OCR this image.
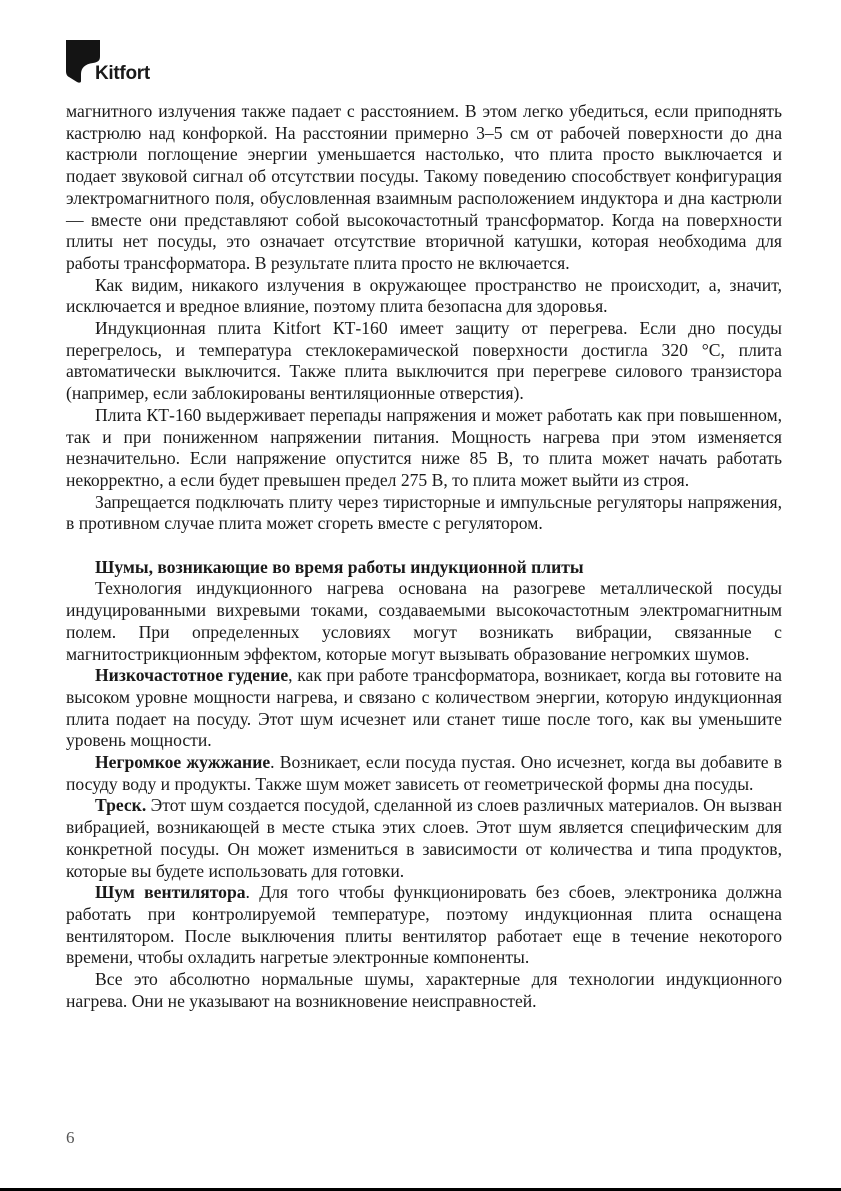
Kitfort

магнитного излучения также падает с расстоянием. В этом легко убедиться, если приподнять кастрюлю над конфоркой. На расстоянии примерно 3–5 см от рабочей поверхности до дна кастрюли поглощение энергии уменьшается настолько, что плита просто выключается и подает звуковой сигнал об отсутствии посуды. Такому поведению способствует конфигурация электромагнитного поля, обусловленная взаимным расположением индуктора и дна кастрюли — вместе они представляют собой высокочастотный трансформатор. Когда на поверхности плиты нет посуды, это означает отсутствие вторичной катушки, которая необходима для работы трансформатора. В результате плита просто не включается.

Как видим, никакого излучения в окружающее пространство не происходит, а, значит, исключается и вредное влияние, поэтому плита безопасна для здоровья.

Индукционная плита Kitfort КТ-160 имеет защиту от перегрева. Если дно посуды перегрелось, и температура стеклокерамической поверхности достигла 320 °С, плита автоматически выключится. Также плита выключится при перегреве силового транзистора (например, если заблокированы вентиляционные отверстия).

Плита КТ-160 выдерживает перепады напряжения и может работать как при повышенном, так и при пониженном напряжении питания. Мощность нагрева при этом изменяется незначительно. Если напряжение опустится ниже 85 В, то плита может начать работать некорректно, а если будет превышен предел 275 В, то плита может выйти из строя.

Запрещается подключать плиту через тиристорные и импульсные регуляторы напряжения, в противном случае плита может сгореть вместе с регулятором.

Шумы, возникающие во время работы индукционной плиты

Технология индукционного нагрева основана на разогреве металлической посуды индуцированными вихревыми токами, создаваемыми высокочастотным электромагнитным полем. При определенных условиях могут возникать вибрации, связанные с магнитострикционным эффектом, которые могут вызывать образование негромких шумов.

Низкочастотное гудение, как при работе трансформатора, возникает, когда вы готовите на высоком уровне мощности нагрева, и связано с количеством энергии, которую индукционная плита подает на посуду. Этот шум исчезнет или станет тише после того, как вы уменьшите уровень мощности.

Негромкое жужжание. Возникает, если посуда пустая. Оно исчезнет, когда вы добавите в посуду воду и продукты. Также шум может зависеть от геометрической формы дна посуды.

Треск. Этот шум создается посудой, сделанной из слоев различных материалов. Он вызван вибрацией, возникающей в месте стыка этих слоев. Этот шум является специфическим для конкретной посуды. Он может измениться в зависимости от количества и типа продуктов, которые вы будете использовать для готовки.

Шум вентилятора. Для того чтобы функционировать без сбоев, электроника должна работать при контролируемой температуре, поэтому индукционная плита оснащена вентилятором. После выключения плиты вентилятор работает еще в течение некоторого времени, чтобы охладить нагретые электронные компоненты.

Все это абсолютно нормальные шумы, характерные для технологии индукционного нагрева. Они не указывают на возникновение неисправностей.

6
